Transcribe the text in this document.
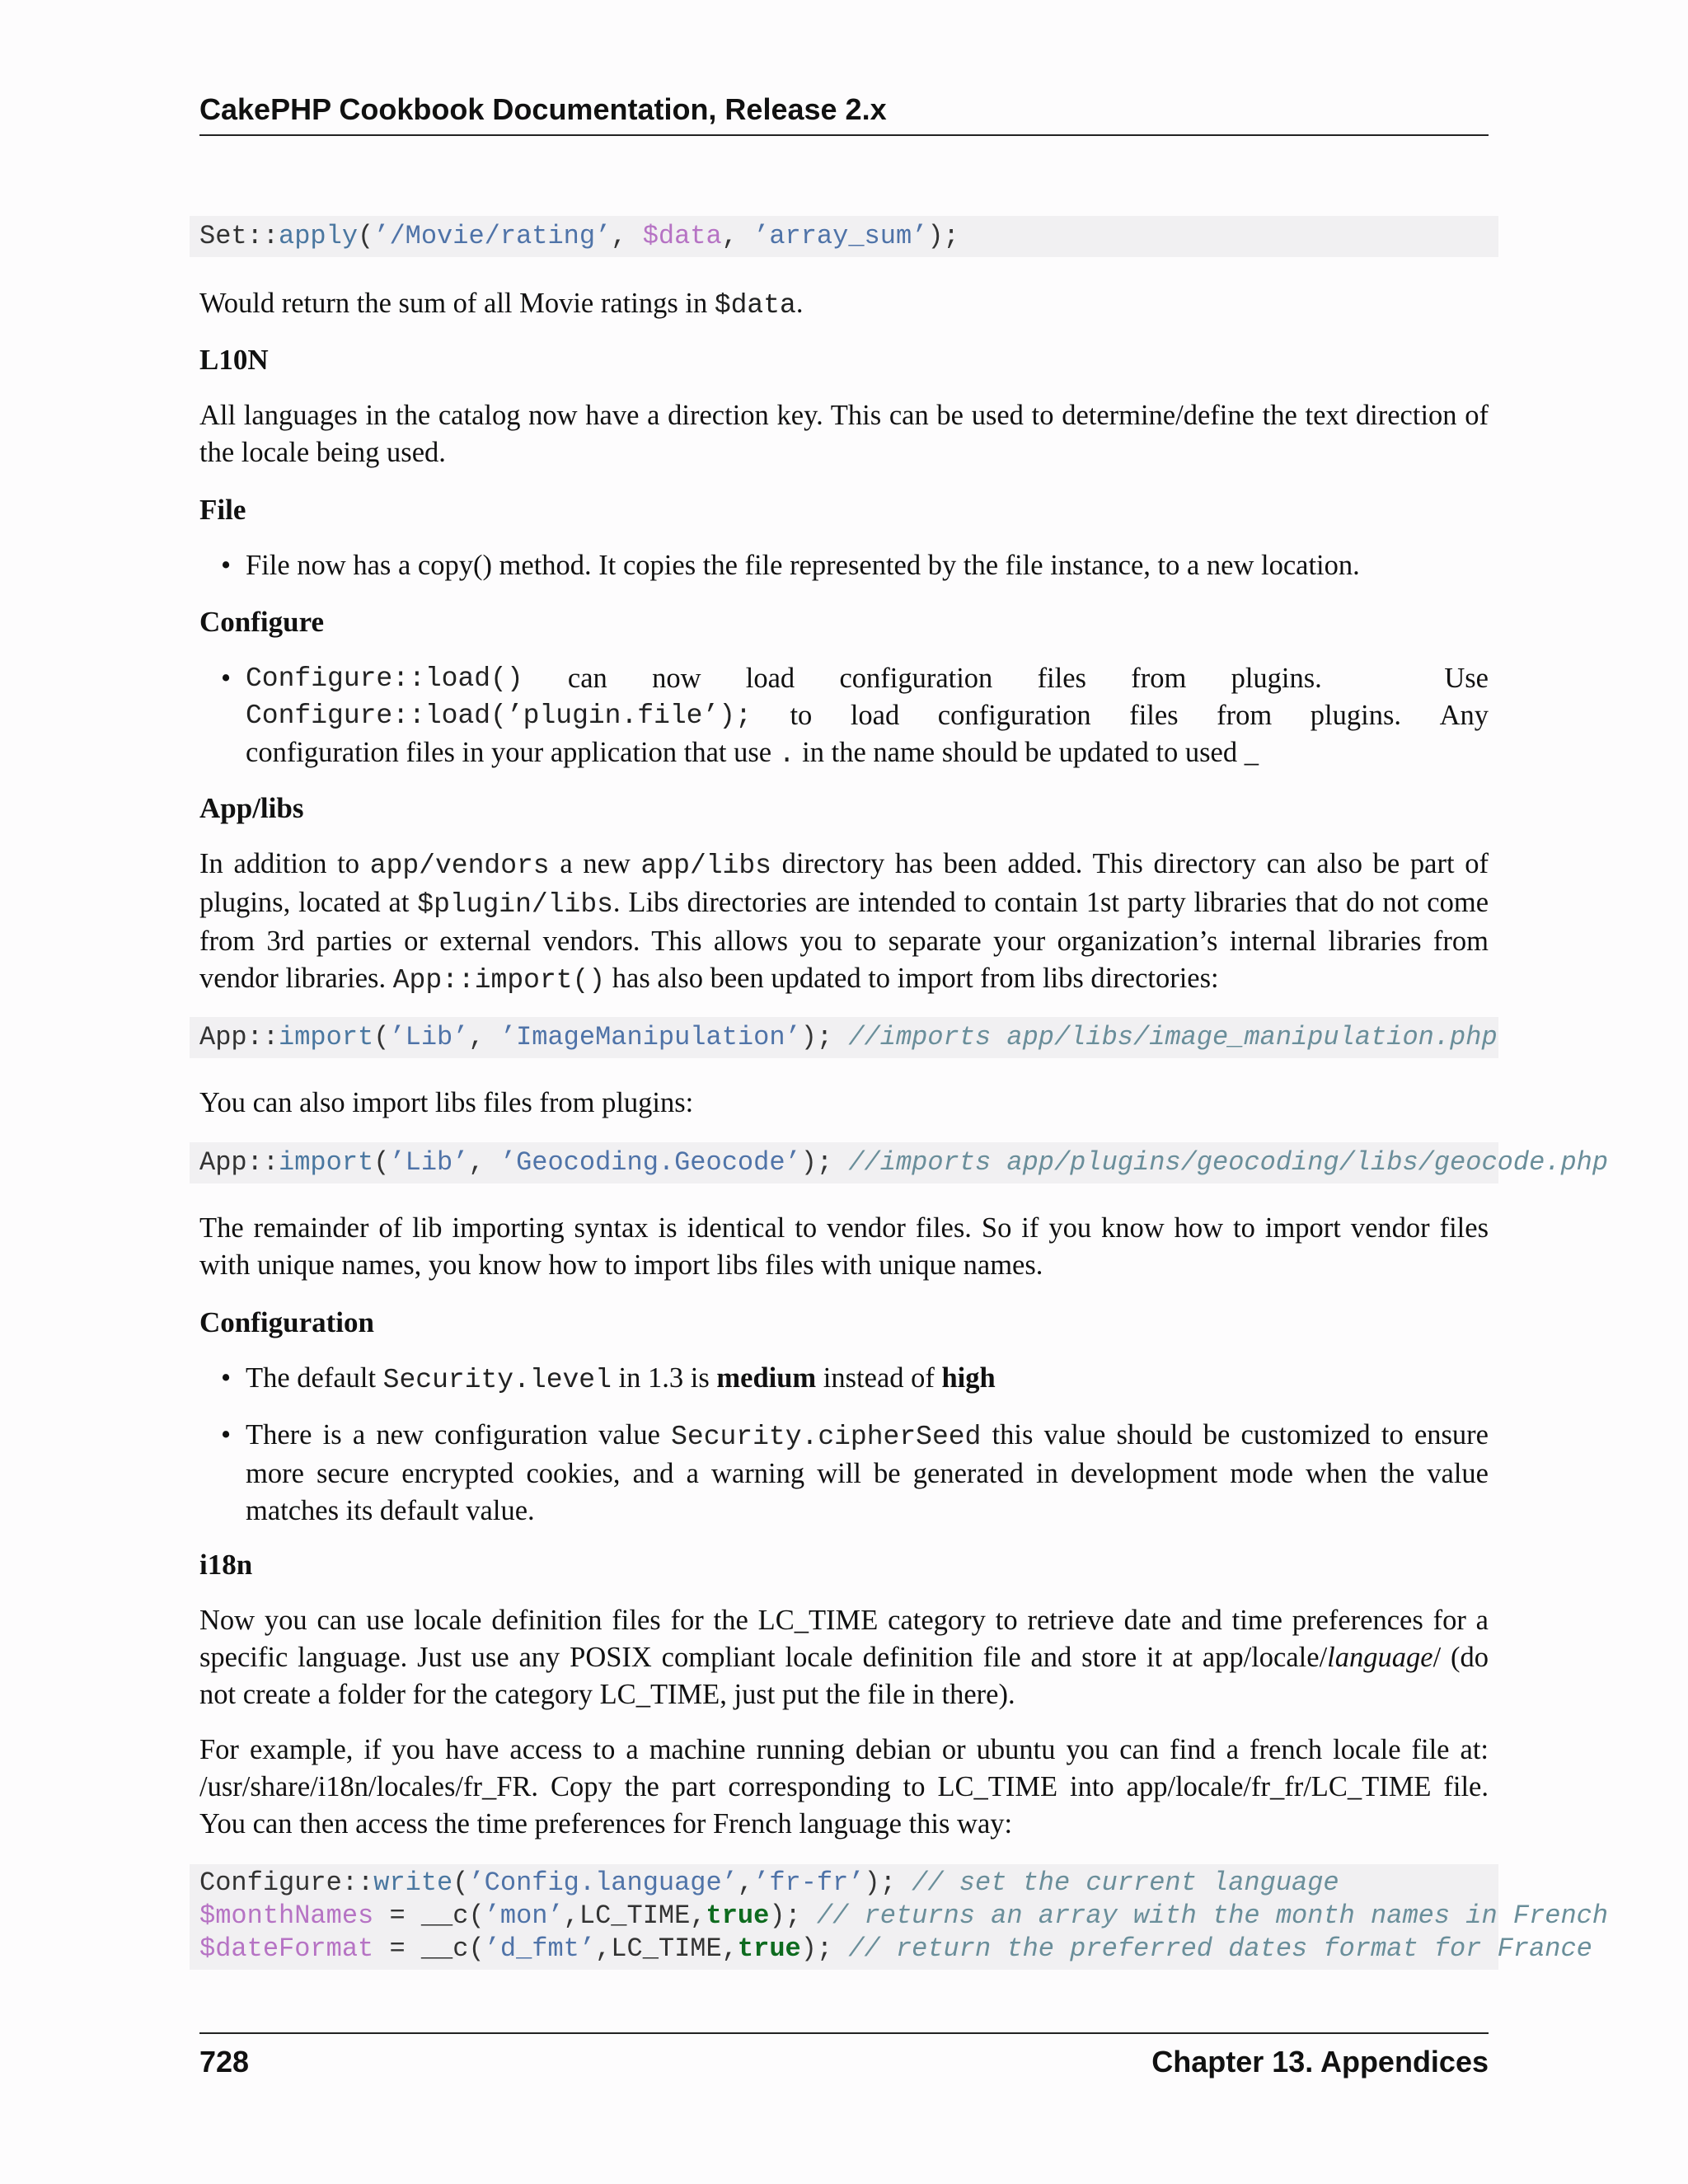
CakePHP Cookbook Documentation, Release 2.x

Set::apply(’/Movie/rating’, $data, ’array_sum’);

Would return the sum of all Movie ratings in $data.

L10N

All languages in the catalog now have a direction key. This can be used to determine/define the text direction of the locale being used.

File
• File now has a copy() method. It copies the file represented by the file instance, to a new location.
Configure
• Configure::load() can now load configuration files from plugins.	Use
Configure::load(’plugin.file’); to load configuration files from plugins. Any
configuration files in your application that use . in the name should be updated to used _
App/libs

In addition to app/vendors a new app/libs directory has been added. This directory can also be part of plugins, located at $plugin/libs. Libs directories are intended to contain 1st party libraries that do not come from 3rd parties or external vendors. This allows you to separate your organization’s internal libraries from vendor libraries. App::import() has also been updated to import from libs directories:

App::import(’Lib’, ’ImageManipulation’); //imports app/libs/image_manipulation.php

You can also import libs files from plugins:

App::import(’Lib’, ’Geocoding.Geocode’); //imports app/plugins/geocoding/libs/geocode.php

The remainder of lib importing syntax is identical to vendor files. So if you know how to import vendor files with unique names, you know how to import libs files with unique names.

Configuration
• The default Security.level in 1.3 is medium instead of high
• There is a new configuration value Security.cipherSeed this value should be customized to ensure more secure encrypted cookies, and a warning will be generated in development mode when the value matches its default value.
i18n

Now you can use locale definition files for the LC_TIME category to retrieve date and time preferences for a specific language. Just use any POSIX compliant locale definition file and store it at app/locale/language/ (do not create a folder for the category LC_TIME, just put the file in there).

For example, if you have access to a machine running debian or ubuntu you can find a french locale file at: /usr/share/i18n/locales/fr_FR. Copy the part corresponding to LC_TIME into app/locale/fr_fr/LC_TIME file. You can then access the time preferences for French language this way:

Configure::write(’Config.language’,’fr-fr’); // set the current language

$monthNames = __c(’mon’,LC_TIME,true); // returns an array with the month names in French

$dateFormat = __c(’d_fmt’,LC_TIME,true); // return the preferred dates format for France

728	Chapter 13. Appendices
